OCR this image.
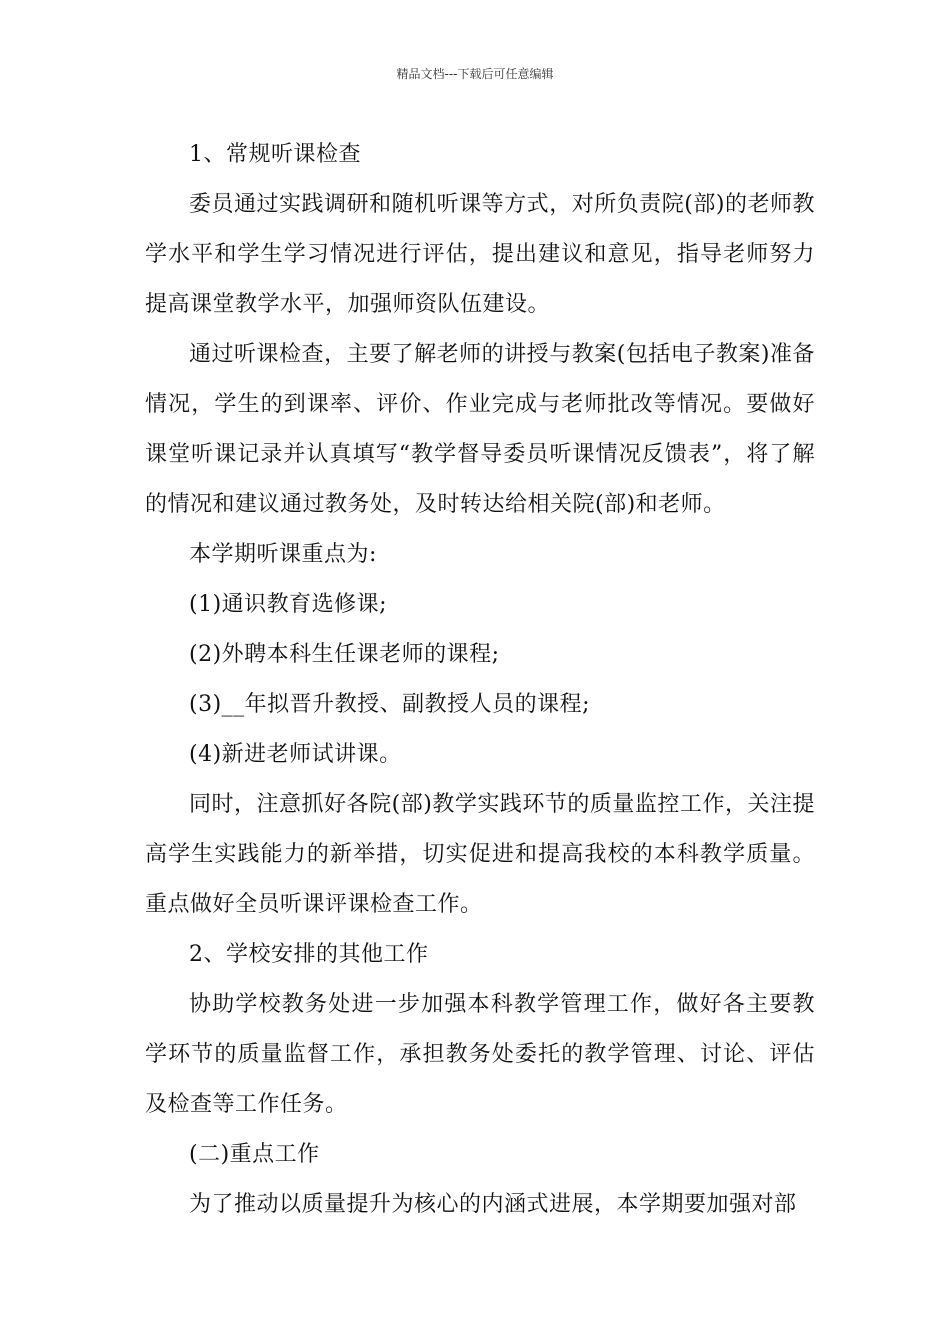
精品文档---下载后可任意编辑

1、常规听课检查

委员通过实践调研和随机听课等方式，对所负责院(部)的老师教学水平和学生学习情况进行评估，提出建议和意见，指导老师努力提高课堂教学水平，加强师资队伍建设。

通过听课检查，主要了解老师的讲授与教案(包括电子教案)准备情况，学生的到课率、评价、作业完成与老师批改等情况。要做好课堂听课记录并认真填写“教学督导委员听课情况反馈表”，将了解的情况和建议通过教务处，及时转达给相关院(部)和老师。

本学期听课重点为:

(1)通识教育选修课;

(2)外聘本科生任课老师的课程;

(3)__年拟晋升教授、副教授人员的课程;

(4)新进老师试讲课。

同时，注意抓好各院(部)教学实践环节的质量监控工作，关注提高学生实践能力的新举措，切实促进和提高我校的本科教学质量。重点做好全员听课评课检查工作。

2、学校安排的其他工作

协助学校教务处进一步加强本科教学管理工作，做好各主要教学环节的质量监督工作，承担教务处委托的教学管理、讨论、评估及检查等工作任务。

(二)重点工作

为了推动以质量提升为核心的内涵式进展，本学期要加强对部
